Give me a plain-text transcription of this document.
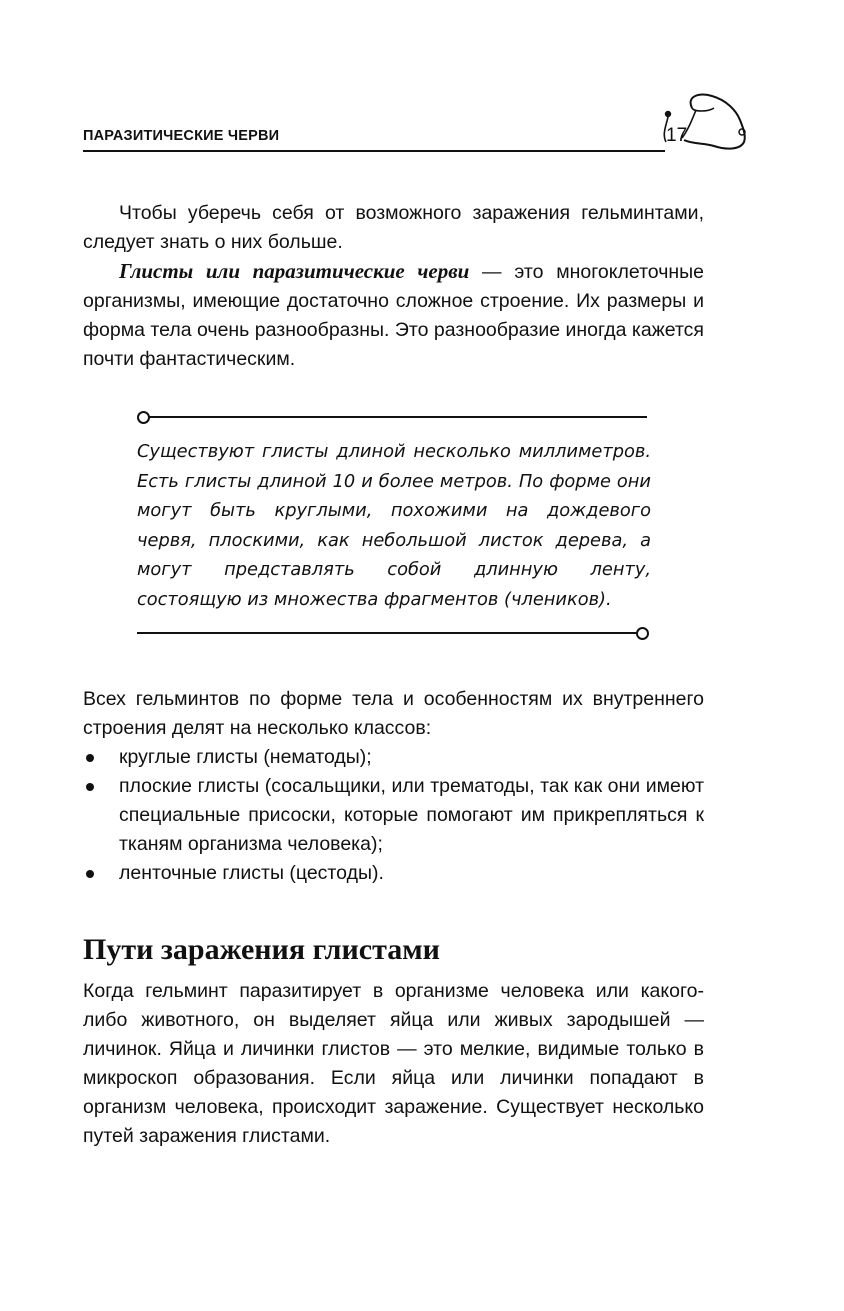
ПАРАЗИТИЧЕСКИЕ ЧЕРВИ	17

Чтобы уберечь себя от возможного заражения гельминтами, следует знать о них больше.

Глисты или паразитические черви — это многоклеточные организмы, имеющие достаточно сложное строение. Их размеры и форма тела очень разнообразны. Это разнообразие иногда кажется почти фантастическим.

Существуют глисты длиной несколько миллиметров. Есть глисты длиной 10 и более метров. По форме они могут быть круглыми, похожими на дождевого червя, плоскими, как небольшой листок дерева, а могут представлять собой длинную ленту, состоящую из множества фрагментов (члеников).

Всех гельминтов по форме тела и особенностям их внутреннего строения делят на несколько классов:

круглые глисты (нематоды);
плоские глисты (сосальщики, или трематоды, так как они имеют специальные присоски, которые помогают им прикрепляться к тканям организма человека);
ленточные глисты (цестоды).
Пути заражения глистами

Когда гельминт паразитирует в организме человека или какого-либо животного, он выделяет яйца или живых зародышей — личинок. Яйца и личинки глистов — это мелкие, видимые только в микроскоп образования. Если яйца или личинки попадают в организм человека, происходит заражение. Существует несколько путей заражения глистами.
